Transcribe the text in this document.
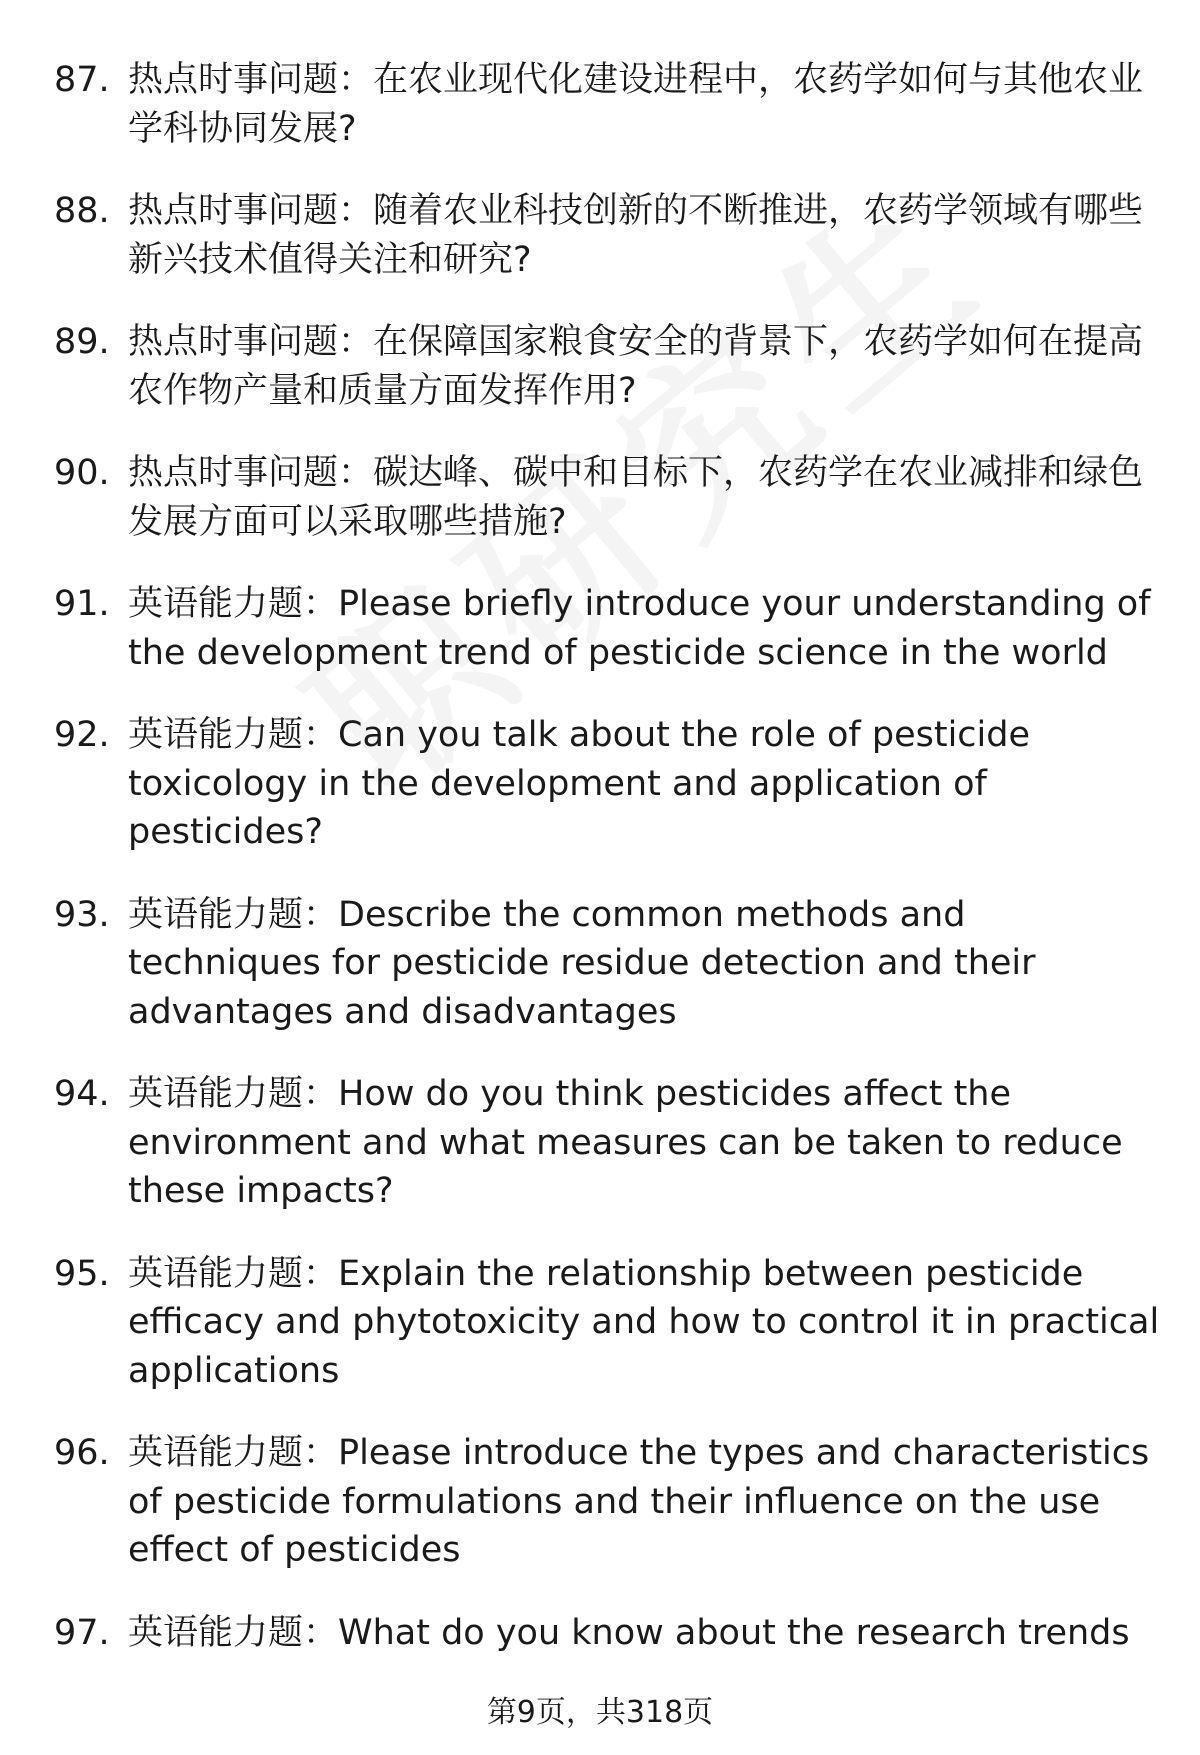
87. 热点时事问题：在农业现代化建设进程中，农药学如何与其他农业学科协同发展?
88. 热点时事问题：随着农业科技创新的不断推进，农药学领域有哪些新兴技术值得关注和研究?
89. 热点时事问题：在保障国家粮食安全的背景下，农药学如何在提高农作物产量和质量方面发挥作用?
90. 热点时事问题：碳达峰、碳中和目标下，农药学在农业减排和绿色发展方面可以采取哪些措施?
91. 英语能力题：Please briefly introduce your understanding of the development trend of pesticide science in the world
92. 英语能力题：Can you talk about the role of pesticide toxicology in the development and application of pesticides?
93. 英语能力题：Describe the common methods and techniques for pesticide residue detection and their advantages and disadvantages
94. 英语能力题：How do you think pesticides affect the environment and what measures can be taken to reduce these impacts?
95. 英语能力题：Explain the relationship between pesticide efficacy and phytotoxicity and how to control it in practical applications
96. 英语能力题：Please introduce the types and characteristics of pesticide formulations and their influence on the use effect of pesticides
97. 英语能力题：What do you know about the research trends
第9页，共318页
